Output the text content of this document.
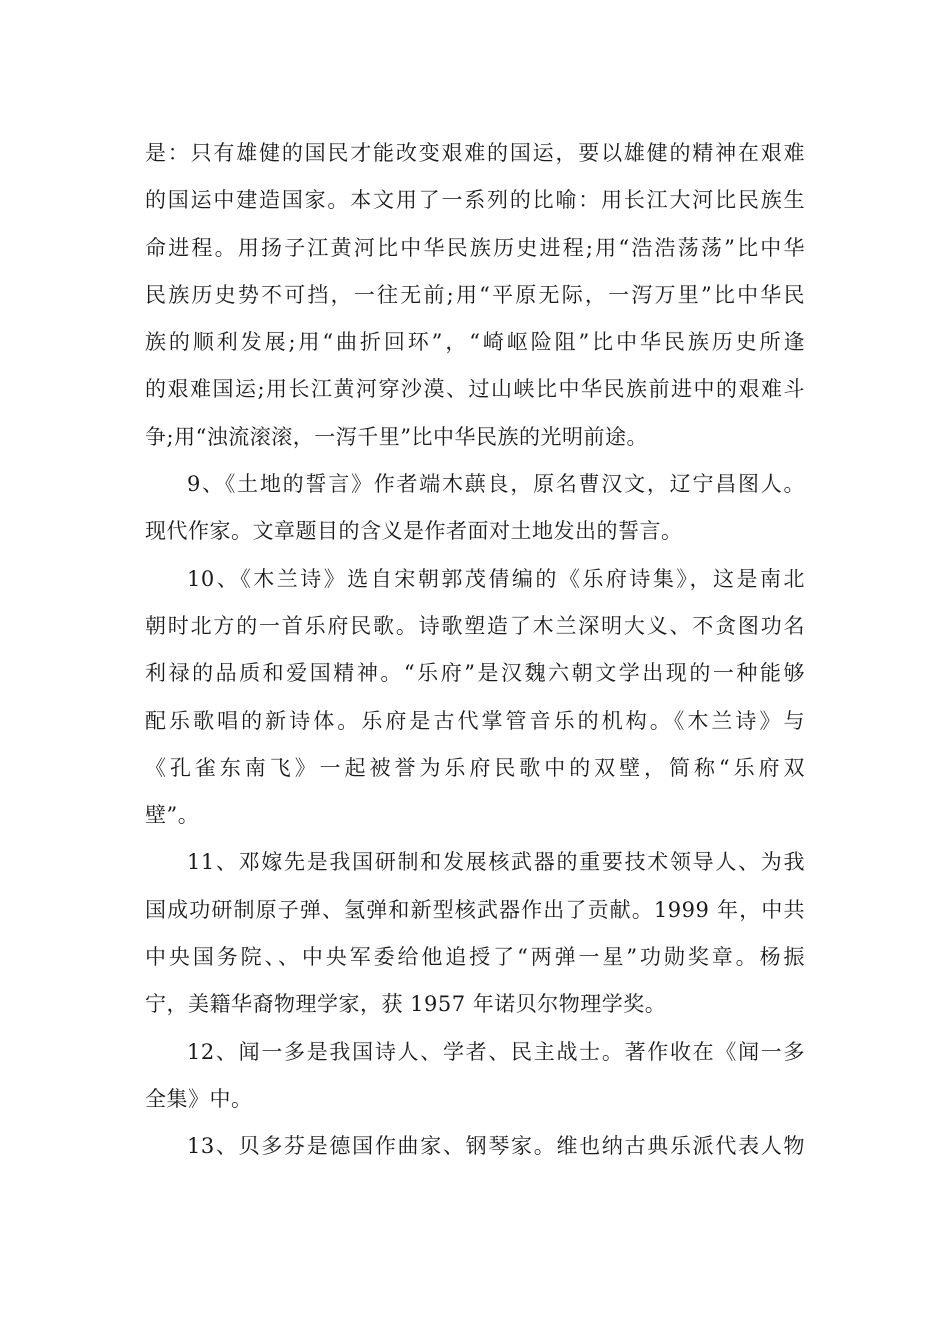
是：只有雄健的国民才能改变艰难的国运，要以雄健的精神在艰难
的国运中建造国家。本文用了一系列的比喻：用长江大河比民族生
命进程。用扬子江黄河比中华民族历史进程;用“浩浩荡荡”比中华
民族历史势不可挡，一往无前;用“平原无际，一泻万里”比中华民
族的顺利发展;用“曲折回环”，“崎岖险阻”比中华民族历史所逢
的艰难国运;用长江黄河穿沙漠、过山峡比中华民族前进中的艰难斗
争;用“浊流滚滚，一泻千里”比中华民族的光明前途。
9、《土地的誓言》作者端木蕻良，原名曹汉文，辽宁昌图人。
现代作家。文章题目的含义是作者面对土地发出的誓言。
10、《木兰诗》选自宋朝郭茂倩编的《乐府诗集》，这是南北
朝时北方的一首乐府民歌。诗歌塑造了木兰深明大义、不贪图功名
利禄的品质和爱国精神。“乐府”是汉魏六朝文学出现的一种能够
配乐歌唱的新诗体。乐府是古代掌管音乐的机构。《木兰诗》与
《孔雀东南飞》一起被誉为乐府民歌中的双壁，简称“乐府双
壁”。
11、邓嫁先是我国研制和发展核武器的重要技术领导人、为我
国成功研制原子弹、氢弹和新型核武器作出了贡献。1999 年，中共
中央国务院、、中央军委给他追授了“两弹一星”功勋奖章。杨振
宁，美籍华裔物理学家，获 1957 年诺贝尔物理学奖。
12、闻一多是我国诗人、学者、民主战士。著作收在《闻一多
全集》中。
13、贝多芬是德国作曲家、钢琴家。维也纳古典乐派代表人物
